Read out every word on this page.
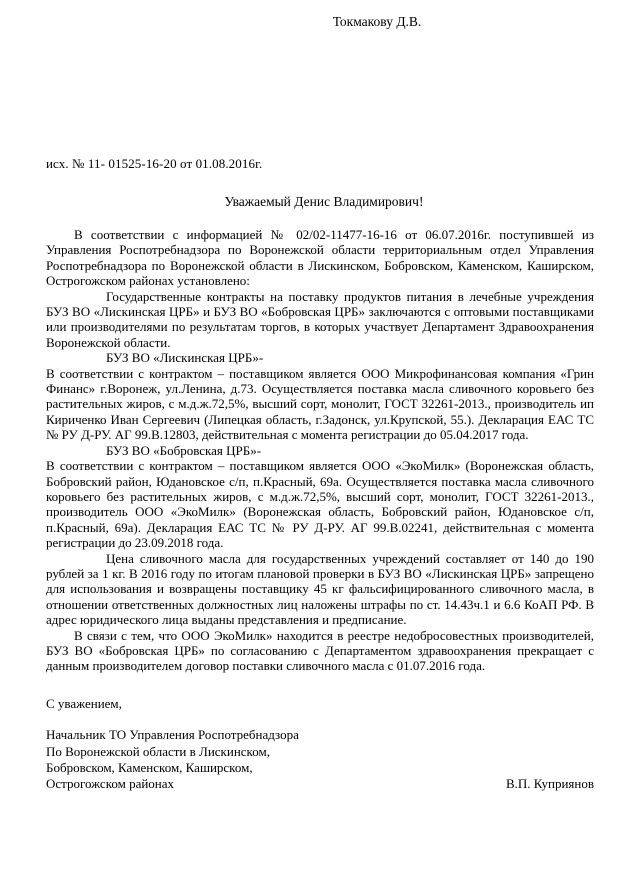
Токмакову Д.В.
исх. № 11- 01525-16-20 от 01.08.2016г.
Уважаемый Денис Владимирович!

В соответствии с информацией № 02/02-11477-16-16 от 06.07.2016г. поступившей из Управления Роспотребнадзора по Воронежской области территориальным отдел Управления Роспотребнадзора по Воронежской области в Лискинском, Бобровском, Каменском, Каширском, Острогожском районах установлено:

Государственные контракты на поставку продуктов питания в лечебные учреждения БУЗ ВО «Лискинская ЦРБ» и БУЗ ВО «Бобровская ЦРБ» заключаются с оптовыми поставщиками или производителями по результатам торгов, в которых участвует Департамент Здравоохранения Воронежской области.

БУЗ ВО «Лискинская ЦРБ»-

В соответствии с контрактом – поставщиком является ООО Микрофинансовая компания «Грин Финанс» г.Воронеж, ул.Ленина, д.73. Осуществляется поставка масла сливочного коровьего без растительных жиров, с м.д.ж.72,5%, высший сорт, монолит, ГОСТ 32261-2013., производитель ип Кириченко Иван Сергеевич (Липецкая область, г.Задонск, ул.Крупской, 55.). Декларация ЕАС ТС № РУ Д-РУ. АГ 99.В.12803, действительная с момента регистрации до 05.04.2017 года.

БУЗ ВО «Бобровская ЦРБ»-

В соответствии с контрактом – поставщиком является ООО «ЭкоМилк» (Воронежская область, Бобровский район, Юдановское с/п, п.Красный, 69а. Осуществляется поставка масла сливочного коровьего без растительных жиров, с м.д.ж.72,5%, высший сорт, монолит, ГОСТ 32261-2013., производитель ООО «ЭкоМилк» (Воронежская область, Бобровский район, Юдановское с/п, п.Красный, 69а). Декларация ЕАС ТС № РУ Д-РУ. АГ 99.В.02241, действительная с момента регистрации до 23.09.2018 года.

Цена сливочного масла для государственных учреждений составляет от 140 до 190 рублей за 1 кг. В 2016 году по итогам плановой проверки в БУЗ ВО «Лискинская ЦРБ» запрещено для использования и возвращены поставщику 45 кг фальсифицированного сливочного масла, в отношении ответственных должностных лиц наложены штрафы по ст. 14.43ч.1 и 6.6 КоАП РФ. В адрес юридического лица выданы представления и предписание.

В связи с тем, что ООО ЭкоМилк» находится в реестре недобросовестных производителей, БУЗ ВО «Бобровская ЦРБ» по согласованию с Департаментом здравоохранения прекращает с данным производителем договор поставки сливочного масла с 01.07.2016 года.

С уважением,
Начальник ТО Управления Роспотребнадзора
По Воронежской области в Лискинском,
Бобровском, Каменском, Каширском,
Острогожском районах	В.П. Куприянов
